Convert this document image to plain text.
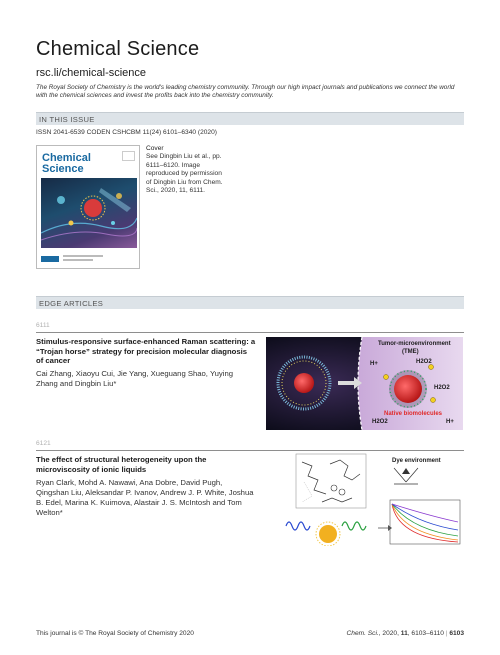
Chemical Science
rsc.li/chemical-science
The Royal Society of Chemistry is the world's leading chemistry community. Through our high impact journals and publications we connect the world with the chemical sciences and invest the profits back into the chemistry community.
IN THIS ISSUE
ISSN 2041-6539 CODEN CSHCBM 11(24) 6101–6340 (2020)
Chemical
Science
Cover
See Dingbin Liu et al., pp. 6111–6120. Image reproduced by permission of Dingbin Liu from Chem. Sci., 2020, 11, 6111.
EDGE ARTICLES
6111
Stimulus-responsive surface-enhanced Raman scattering: a “Trojan horse” strategy for precision molecular diagnosis of cancer
Cai Zhang, Xiaoyu Cui, Jie Yang, Xueguang Shao, Yuying Zhang and Dingbin Liu*
Tumor-microenvironment
(TME)
H2O2
H2O2
H2O2
H+
H+
Native biomolecules
6121
The effect of structural heterogeneity upon the microviscosity of ionic liquids
Ryan Clark, Mohd A. Nawawi, Ana Dobre, David Pugh, Qingshan Liu, Aleksandar P. Ivanov, Andrew J. P. White, Joshua B. Edel, Marina K. Kuimova, Alastair J. S. McIntosh and Tom Welton*
Dye environment
This journal is © The Royal Society of Chemistry 2020	Chem. Sci., 2020, 11, 6103–6110 | 6103
